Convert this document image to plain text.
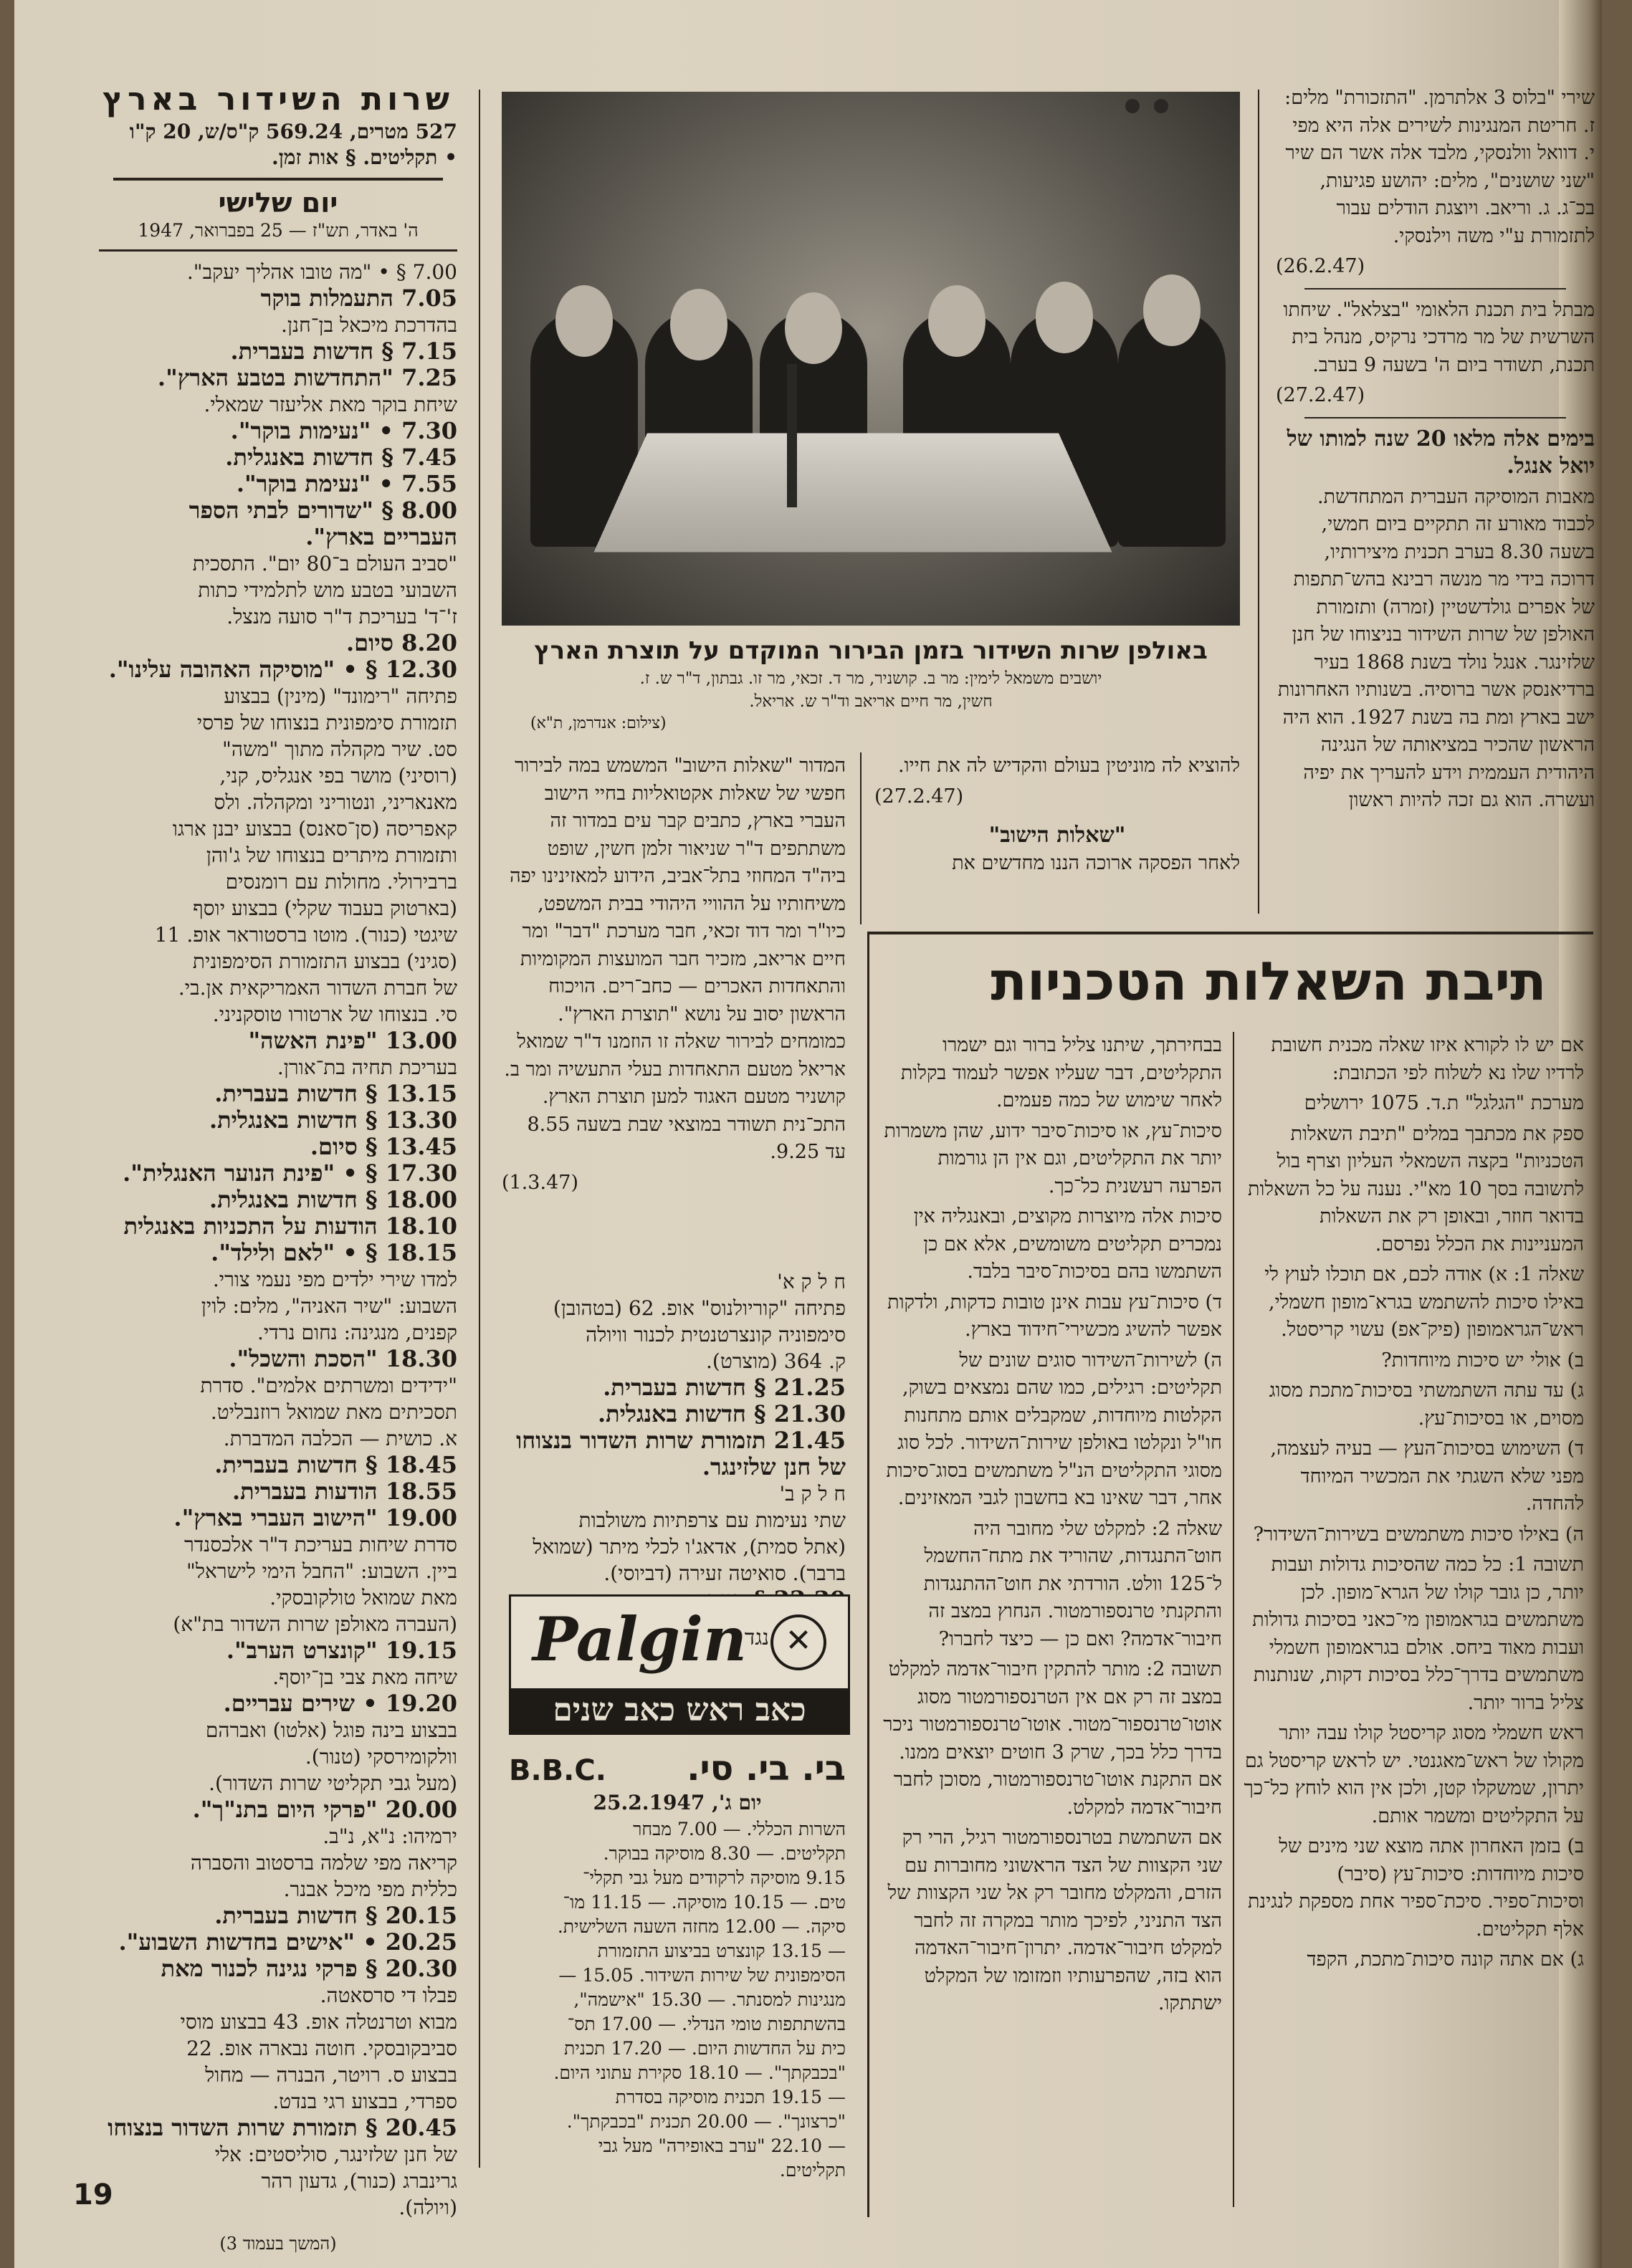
שרות השידור בארץ
527 מטרים, 569.24 ק"ס/ש, 20 ק"ו
• תקליטים. § אות זמן.
יום שלישי
ה' באדר, תש"ז — 25 בפברואר, 1947
7.00 § • "מה טובו אהליך יעקב".
7.05 התעמלות בוקר
בהדרכת מיכאל בן־חנן.
7.15 § חדשות בעברית.
7.25 "התחדשות בטבע הארץ".
שיחת בוקר מאת אליעזר שמאלי.
7.30 • "נעימות בוקר".
7.45 § חדשות באנגלית.
7.55 • "נעימת בוקר".
8.00 § "שדורים לבתי הספר
העבריים בארץ".
"סביב העולם ב־80 יום". התסכית
השבועי בטבע מוש לתלמידי כתות
ז'־ד' בעריכת ד"ר סועה מנצל.
8.20 סיום.
12.30 § • "מוסיקה האהובה עלינו".
פתיחה "רימונד" (מינין) בבצוע
תזמורת סימפונית בנצוחו של פרסי
סט. שיר מקהלה מתוך "משה"
(רוסיני) מושר בפי אנגליס, קני,
מאנאריני, ונטוריני ומקהלה. ולס
קאפריסה (סן־סאנס) בבצוע יבנן ארגו
ותזמורת מיתרים בנצוחו של ג'והן
ברבירולי. מחולות עם רומנסים
(בארטוק בעבוד שקלי) בבצוע יוסף
שיגטי (כנור). מוטו ברסטוראר אופ. 11
(סגיני) בבצוע התזמורת הסימפונית
של חברת השדור האמריקאית אן.בי.
סי. בנצוחו של ארטורו טוסקניני.
13.00 "פינת האשה"
בעריכת תחיה בת־אורן.
13.15 § חדשות בעברית.
13.30 § חדשות באנגלית.
13.45 § סיום.
17.30 § • "פינת הנוער האנגלית".
18.00 § חדשות באנגלית.
18.10 הודעות על התכניות באנגלית
18.15 § • "לאם ולילד".
למדו שירי ילדים מפי נעמי צורי.
השבוע: "שיר האניה", מלים: לוין
קפנים, מנגינה: נחום נרדי.
18.30 "הסכת והשכל".
"ידידים ומשרתים אלמים". סדרת
תסכיתים מאת שמואל רוזנבליט.
א. כושית — הכלבה המדברת.
18.45 § חדשות בעברית.
18.55 הודעות בעברית.
19.00 "הישוב העברי בארץ".
סדרת שיחות בעריכת ד"ר אלכסנדר
ביין. השבוע: "החבל הימי לישראל"
מאת שמואל טולקובסקי.
(העברה מאולפן שרות השדור בת"א)
19.15 "קונצרט הערב".
שיחה מאת צבי בן־יוסף.
19.20 • שירים עבריים.
בבצוע בינה פוגל (אלטו) ואברהם
וולקומירסקי (טנור).
(מעל גבי תקליטי שרות השדור).
20.00 "פרקי היום בתנ"ך".
ירמיהו: נ"א, נ"ב.
קריאה מפי שלמה ברסטוב והסברה
כללית מפי מיכל אבנר.
20.15 § חדשות בעברית.
20.25 • "אישים בחדשות השבוע".
20.30 § פרקי נגינה לכנור מאת
פבלו די סרסאטה.
מבוא וטרנטלה אופ. 43 בבצוע מוסי
סביבקובסקי. חוטה נבארה אופ. 22
בבצוע ס. רויטר, הבנרה — מחול
ספרדי, בבצוע רגי בנדט.
20.45 § תזמורת שרות השדור בנצוחו
של חנן שלזינגר, סוליסטים: אלי
גרינברג (כנור), גדעון רהר
(ויולה).
(המשך בעמוד 3)
באולפן שרות השידור בזמן הבירור המוקדם על תוצרת הארץ
יושבים משמאל לימין: מר ב. קושניר, מר ד. זכאי, מר זו. גבתון, ד"ר ש. ז.
חשין, מר חיים אריאב וד"ר ש. אריאל.
(צילום: אנדרמן, ת"א)

המדור "שאלות הישוב" המשמש במה לבירור חפשי של שאלות אקטואליות בחיי הישוב העברי בארץ, כתבים קבר עים במדור זה משתתפים ד"ר שניאור זלמן חשין, שופט ביה"ד המחוזי בתל־אביב, הידוע למאזינינו יפה משיחותיו על ההוויי היהודי בבית המשפט, כיו"ר ומר דוד זכאי, חבר מערכת "דבר" ומר חיים אריאב, מזכיר חבר המועצות המקומיות והתאחדות האכרים — כחב־רים. הויכוח הראשון יסוב על נושא "תוצרת הארץ". כמומחים לבירור שאלה זו הוזמנו ד"ר שמואל אריאל מטעם התאחדות בעלי התעשיה ומר ב. קושניר מטעם האגוד למען תוצרת הארץ. התכ־נית תשודר במוצאי שבת בשעה 8.55 עד 9.25.

(1.3.47)

להוציא לה מוניטין בעולם והקדיש לה את חייו.

(27.2.47)
"שאלות הישוב"

לאחר הפסקה ארוכה הננו מחדשים את

ח ל ק א'
פתיחה "קוריולנוס" אופ. 62 (בטהובן)
סימפוניה קונצרטנטית לכנור וויולה
ק. 364 (מוצרט).
21.25 § חדשות בעברית.
21.30 § חדשות באנגלית.
21.45 תזמורת שרות השדור בנצוחו
של חנן שלזינגר.
ח ל ק ב'
שתי נעימות עם צרפתיות משולבות
(אתל סמית), אדאג'ו לכלי מיתר (שמואל
ברבר). סואיטה זעירה (דביוסי).
Palgin
נגד ✕
כאב ראש כאב שנים
בי. בי. סי.
B.B.C.
יום ג', 25.2.1947
השרות הכללי. — 7.00 מבחר
תקליטים. — 8.30 מוסיקה בבוקר.
9.15 מוסיקה לרקודים מעל גבי תקלי־
טים. — 10.15 מוסיקה. — 11.15 מו־
סיקה. — 12.00 מחזה השעה השלישית.
— 13.15 קונצרט בביצוע התזמורת
הסימפונית של שירות השידור. 15.05 —
מנגינות למסנתר. — 15.30 "אישמה",
בהשתתפות טומי הנדלי. — 17.00 תס־
כית על החדשות היום. — 17.20 תכנית
"בכבקתך". — 18.10 סקירת עתוני היום.
— 19.15 תכנית מוסיקה בסדרת
"כרצונך". — 20.00 תכנית "בכבקתך".
— 22.10 "ערב באופירה" מעל גבי
תקליטים.

שירי "בלוס 3 אלתרמן. "התזכורת" מלים: ז. חריטת המנגינות לשירים אלה היא מפי י. דוואל וולנסקי, מלבד אלה אשר הם שיר "שני שושנים", מלים: יהושע פגיעות, בכ־ג. ג. וריאב. ויוצגת הודלים עבור לתזמורת ע"י משה וילנסקי.

(26.2.47)

מבתל בית תכנת הלאומי "בצלאל". שיחתו השרשית של מר מרדכי נרקיס, מנהל בית תכנת, תשודר ביום ה' בשעה 9 בערב.

(27.2.47)

בימים אלה מלאו 20 שנה למותו של יואל אנגל.

מאבות המוסיקה העברית המתחדשת. לכבוד מאורע זה תתקיים ביום חמשי, בשעה 8.30 בערב תכנית מיצירותיו, דרוכה בידי מר מנשה רבינא בהש־תתפות של אפרים גולדשטיין (זמרה) ותזמורת האולפן של שרות השידור בניצוחו של חנן שלזינגר. אנגל נולד בשנת 1868 בעיר ברדיאנסק אשר ברוסיה. בשנותיו האחרונות ישב בארץ ומת בה בשנת 1927. הוא היה הראשון שהכיר במציאותה של הנגינה היהודית העממית וידע להעריך את יפיה ועשרה. הוא גם זכה להיות ראשון

תיבת השאלות הטכניות

אם יש לו לקורא איזו שאלה מכנית חשובת לרדיו שלו נא לשלוח לפי הכתובת:

מערכת "הגלגל" ת.ד. 1075 ירושלים

ספק את מכתבך במלים "תיבת השאלות הטכניות" בקצה השמאלי העליון וצרף בול לתשובה בסך 10 מא"י. נענה על כל השאלות בדואר חוזר, ובאופן רק את השאלות המעניינות את הכלל נפרסם.

שאלה 1: א) אודה לכם, אם תוכלו לעוץ לי באילו סיכות להשתמש בגרא־מופון חשמלי, ראש־הגראמופון (פיק־אפ) עשוי קריסטל.

ב) אולי יש סיכות מיוחדות?

ג) עד עתה השתמשתי בסיכות־מתכת מסוג מסוים, או בסיכות־עץ.

ד) השימוש בסיכות־העץ — בעיה לעצמה, מפני שלא השגתי את המכשיר המיוחד להחדה.

ה) באילו סיכות משתמשים בשירות־השידור?

תשובה 1: כל כמה שהסיכות גדולות ועבות יותר, כן גובר קולו של הגרא־מופון. לכן משתמשים בגראמופון מי־כאני בסיכות גדולות ועבות מאוד ביחס. אולם בגראמופון חשמלי משתמשים בדרך־כלל בסיכות דקות, שנותנות צליל ברור יותר.

ראש חשמלי מסוג קריסטל קולו עבה יותר מקולו של ראש־מאגנטי. יש לראש קריסטל גם יתרון, שמשקלו קטן, ולכן אין הוא לוחץ כל־כך על התקליטים ומשמר אותם.

ב) בזמן האחרון אתה מוצא שני מינים של סיכות מיוחדות: סיכות־עץ (סיבר) וסיכות־ספיר. סיכת־ספיר אחת מספקת לנגינת אלף תקליטים.

ג) אם אתה קונה סיכות־מתכת, הקפד

בבחירתך, שיתנו צליל ברור וגם ישמרו התקליטים, דבר שעליו אפשר לעמוד בקלות לאחר שימוש של כמה פעמים.

סיכות־עץ, או סיכות־סיבר ידוע, שהן משמרות יותר את התקליטים, וגם אין הן גורמות הפרעה רעשנית כל־כך.

סיכות אלה מיוצרות מקוצים, ובאנגליה אין נמכרים תקליטים משומשים, אלא אם כן השתמשו בהם בסיכות־סיבר בלבד.

ד) סיכות־עץ עבות אינן טובות כדקות, ולדקות אפשר להשיג מכשירי־חידוד בארץ.

ה) לשירות־השידור סוגים שונים של תקליטים: רגילים, כמו שהם נמצאים בשוק, הקלטות מיוחדות, שמקבלים אותם מתחנות חו"ל ונקלטו באולפן שירות־השידור. לכל סוג מסוגי התקליטים הנ"ל משתמשים בסוג־סיכות אחר, דבר שאינו בא בחשבון לגבי המאזינים.

שאלה 2: למקלט שלי מחובר היה חוט־התנגדות, שהוריד את מתח־החשמל ל־125 וולט. הורדתי את חוט־ההתנגדות והתקנתי טרנספורמטור. הנחוץ במצב זה חיבור־אדמה? ואם כן — כיצד לחברו?

תשובה 2: מותר להתקין חיבור־אדמה למקלט במצב זה רק אם אין הטרנספורמטור מסוג אוטו־טרנספור־מטור. אוטו־טרנספורמטור ניכר בדרך כלל בכך, שרק 3 חוטים יוצאים ממנו. אם התקנת אוטו־טרנספורמטור, מסוכן לחבר חיבור־אדמה למקלט.

אם השתמשת בטרנספורמטור רגיל, הרי רק שני הקצוות של הצד הראשוני מחוברות עם הזרם, והמקלט מחובר רק אל שני הקצוות של הצד התניני, לפיכך מותר במקרה זה לחבר למקלט חיבור־אדמה. יתרון־חיבור־האדמה הוא בזה, שהפרעותיו וזמזומו של המקלט ישתתקו.

19
